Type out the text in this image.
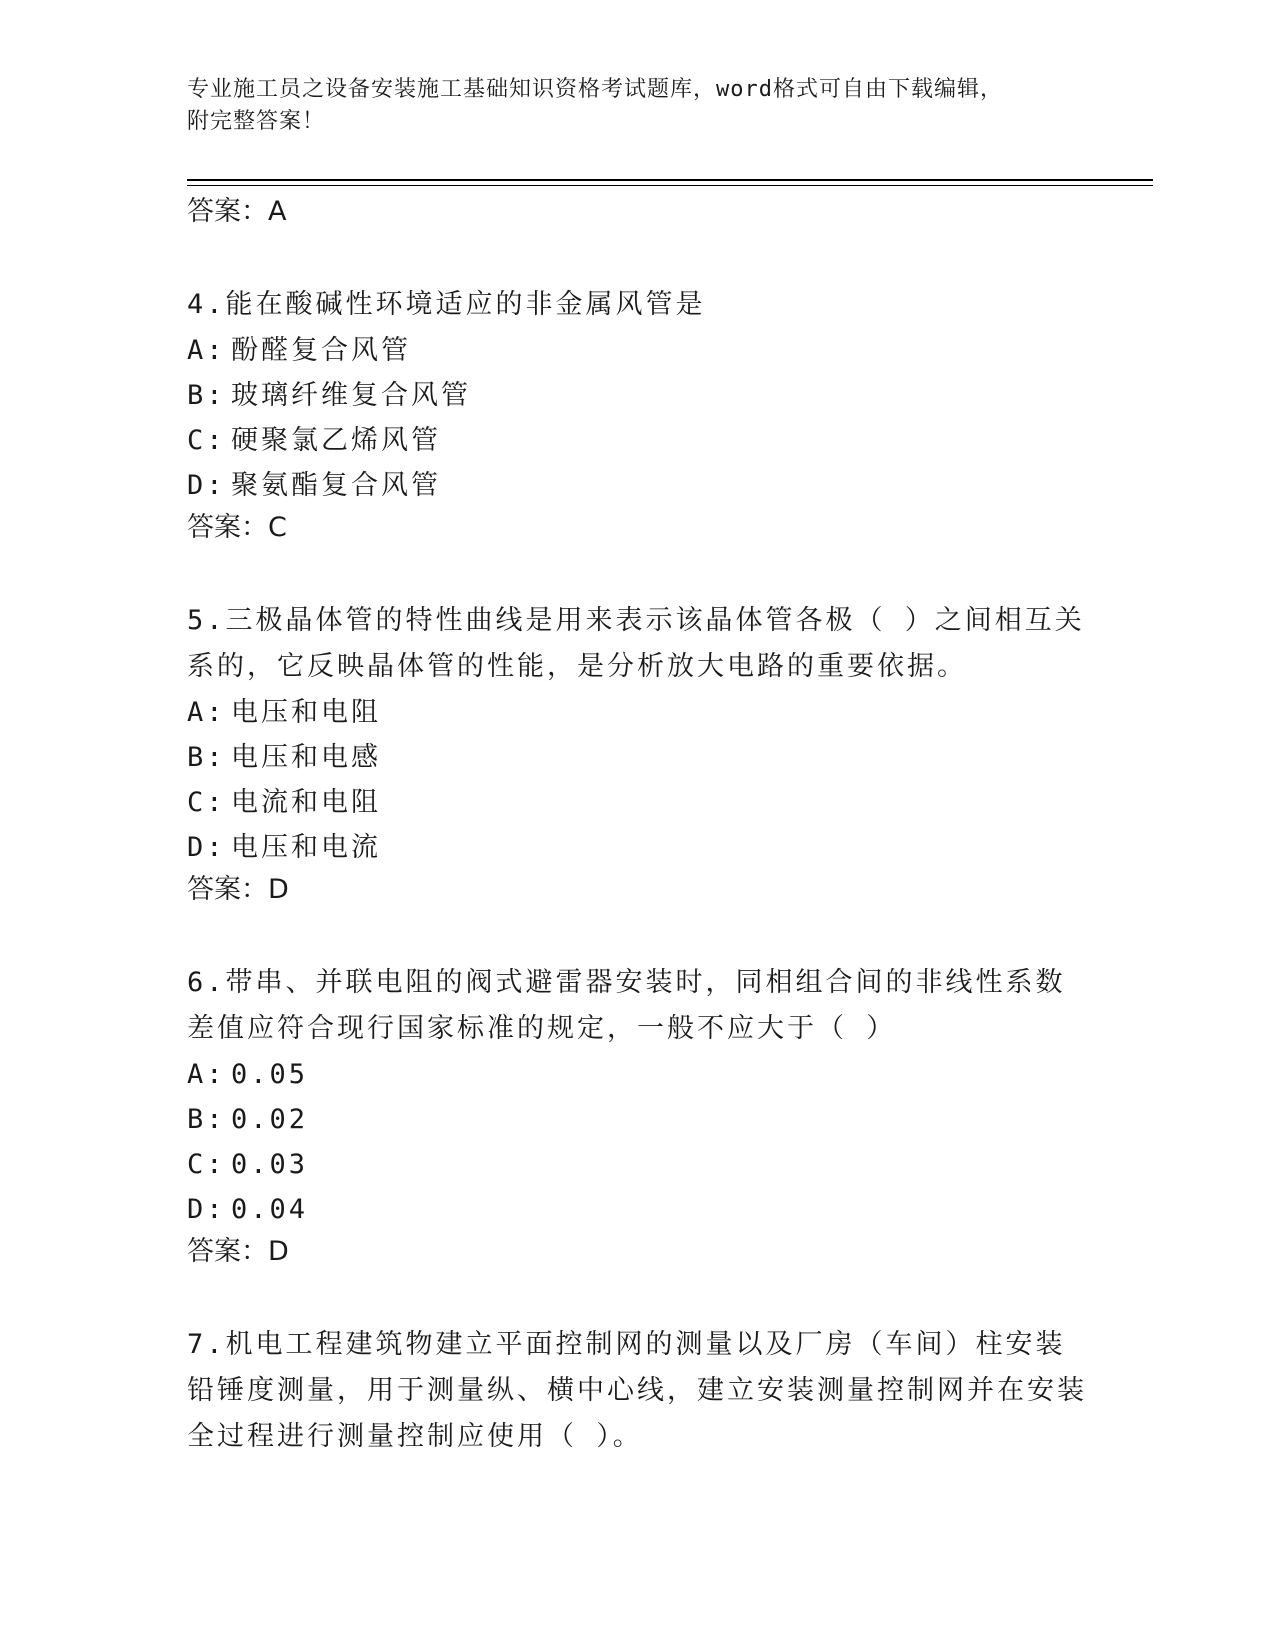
专业施工员之设备安装施工基础知识资格考试题库，word格式可自由下载编辑，
附完整答案！
答案：A
4.能在酸碱性环境适应的非金属风管是
A: 酚醛复合风管
B: 玻璃纤维复合风管
C: 硬聚氯乙烯风管
D: 聚氨酯复合风管
答案：C
5.三极晶体管的特性曲线是用来表示该晶体管各极（ ）之间相互关系的，它反映晶体管的性能，是分析放大电路的重要依据。
A: 电压和电阻
B: 电压和电感
C: 电流和电阻
D: 电压和电流
答案：D
6.带串、并联电阻的阀式避雷器安装时，同相组合间的非线性系数差值应符合现行国家标准的规定，一般不应大于（ ）
A: 0.05
B: 0.02
C: 0.03
D: 0.04
答案：D
7.机电工程建筑物建立平面控制网的测量以及厂房（车间）柱安装铅锤度测量，用于测量纵、横中心线，建立安装测量控制网并在安装全过程进行测量控制应使用（ ）。
